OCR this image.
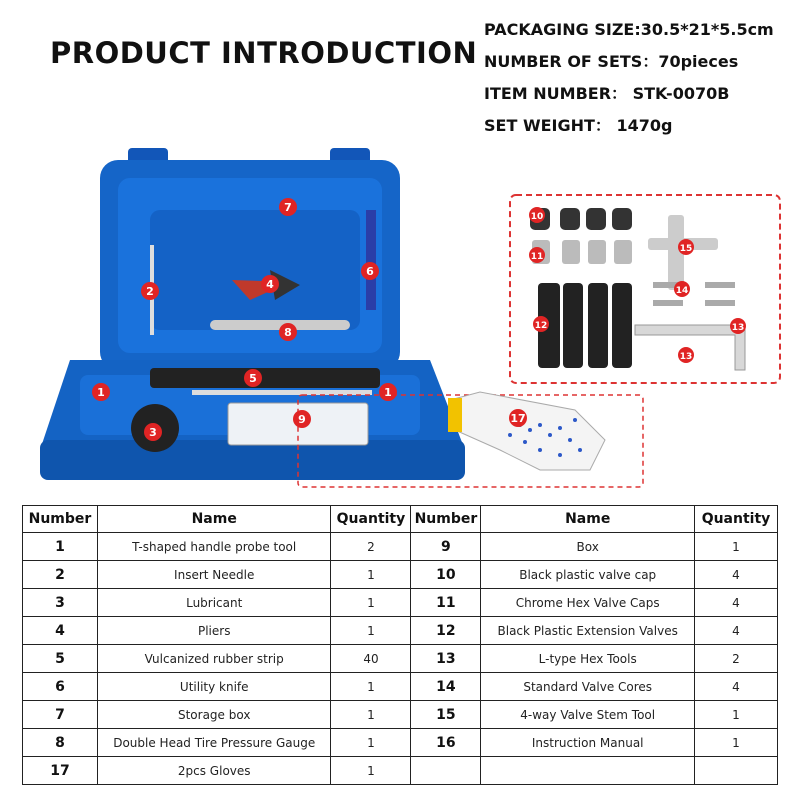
PRODUCT INTRODUCTION
PACKAGING SIZE:30.5*21*5.5cm
NUMBER OF SETS：70pieces
ITEM NUMBER： STK-0070B
SET WEIGHT： 1470g
1
2
3
4
5
6
7
8
9
1
10
11
12	13
13
14
15
17
Number	Name	Quantity	Number	Name	Quantity
1	T-shaped handle probe tool	2	9	Box	1
2	Insert Needle	1	10	Black plastic valve cap	4
3	Lubricant	1	11	Chrome Hex Valve Caps	4
4	Pliers	1	12	Black Plastic Extension Valves	4
5	Vulcanized rubber strip	40	13	L-type Hex Tools	2
6	Utility knife	1	14	Standard Valve Cores	4
7	Storage box	1	15	4-way Valve Stem Tool	1
8	Double Head Tire Pressure Gauge	1	16	Instruction Manual	1
17	2pcs Gloves	1			
